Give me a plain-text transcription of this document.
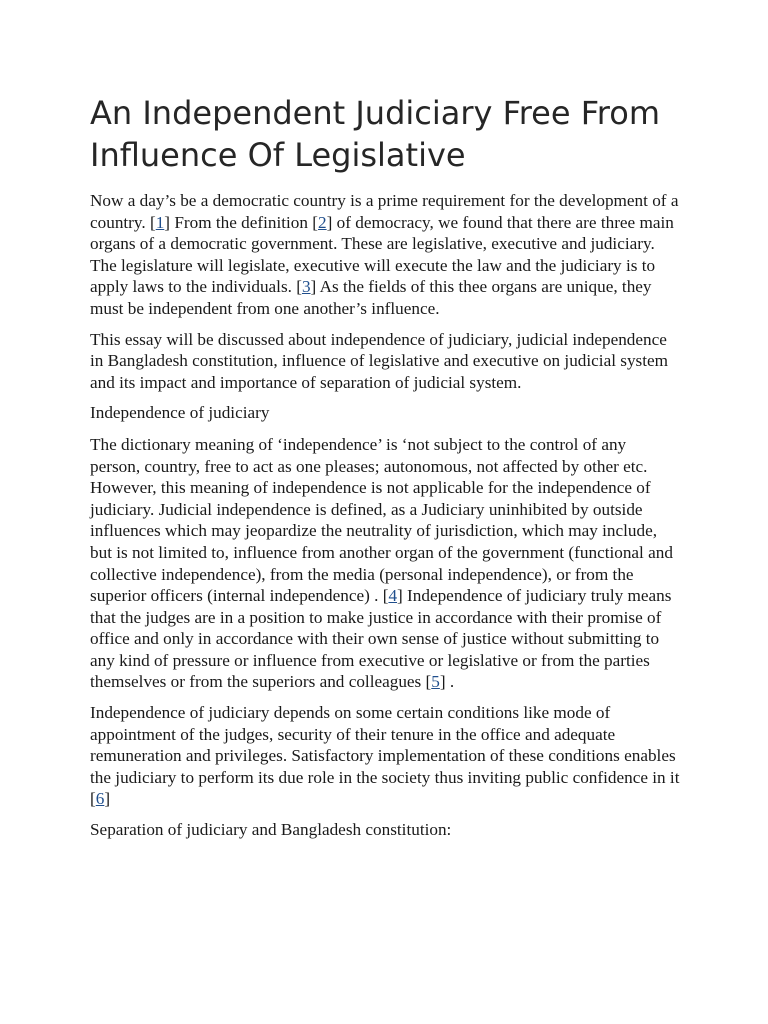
An Independent Judiciary Free From Influence Of Legislative

Now a day’s be a democratic country is a prime requirement for the development of a country. [1] From the definition [2] of democracy, we found that there are three main organs of a democratic government. These are legislative, executive and judiciary. The legislature will legislate, executive will execute the law and the judiciary is to apply laws to the individuals. [3] As the fields of this thee organs are unique, they must be independent from one another’s influence.

This essay will be discussed about independence of judiciary, judicial independence in Bangladesh constitution, influence of legislative and executive on judicial system and its impact and importance of separation of judicial system.

Independence of judiciary

The dictionary meaning of ‘independence’ is ‘not subject to the control of any person, country, free to act as one pleases; autonomous, not affected by other etc. However, this meaning of independence is not applicable for the independence of judiciary. Judicial independence is defined, as a Judiciary uninhibited by outside influences which may jeopardize the neutrality of jurisdiction, which may include, but is not limited to, influence from another organ of the government (functional and collective independence), from the media (personal independence), or from the superior officers (internal independence) . [4] Independence of judiciary truly means that the judges are in a position to make justice in accordance with their promise of office and only in accordance with their own sense of justice without submitting to any kind of pressure or influence from executive or legislative or from the parties themselves or from the superiors and colleagues [5] .

Independence of judiciary depends on some certain conditions like mode of appointment of the judges, security of their tenure in the office and adequate remuneration and privileges. Satisfactory implementation of these conditions enables the judiciary to perform its due role in the society thus inviting public confidence in it [6]

Separation of judiciary and Bangladesh constitution:
